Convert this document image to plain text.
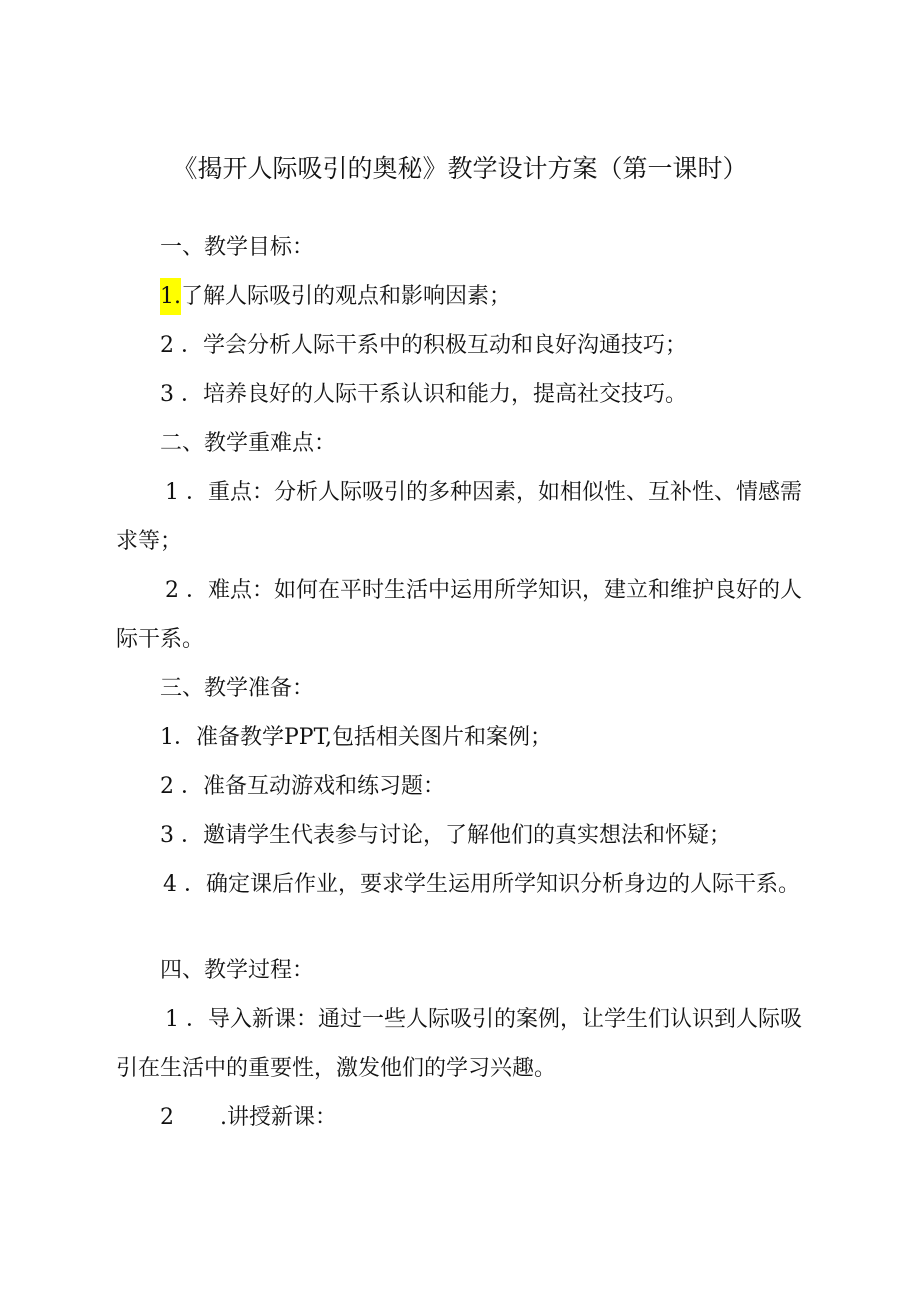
《揭开人际吸引的奥秘》教学设计方案（第一课时）
一、教学目标：
1.了解人际吸引的观点和影响因素；
2 ．学会分析人际干系中的积极互动和良好沟通技巧；
3 ．培养良好的人际干系认识和能力，提高社交技巧。
二、教学重难点：
1 ．重点：分析人际吸引的多种因素，如相似性、互补性、情感需
求等；
2 ．难点：如何在平时生活中运用所学知识，建立和维护良好的人
际干系。
三、教学准备：
1．准备教学PPT,包括相关图片和案例；
2 ．准备互动游戏和练习题：
3 ．邀请学生代表参与讨论，了解他们的真实想法和怀疑；
4 ．确定课后作业，要求学生运用所学知识分析身边的人际干系。
四、教学过程：
1 ．导入新课：通过一些人际吸引的案例，让学生们认识到人际吸
引在生活中的重要性，激发他们的学习兴趣。
2 .讲授新课：
